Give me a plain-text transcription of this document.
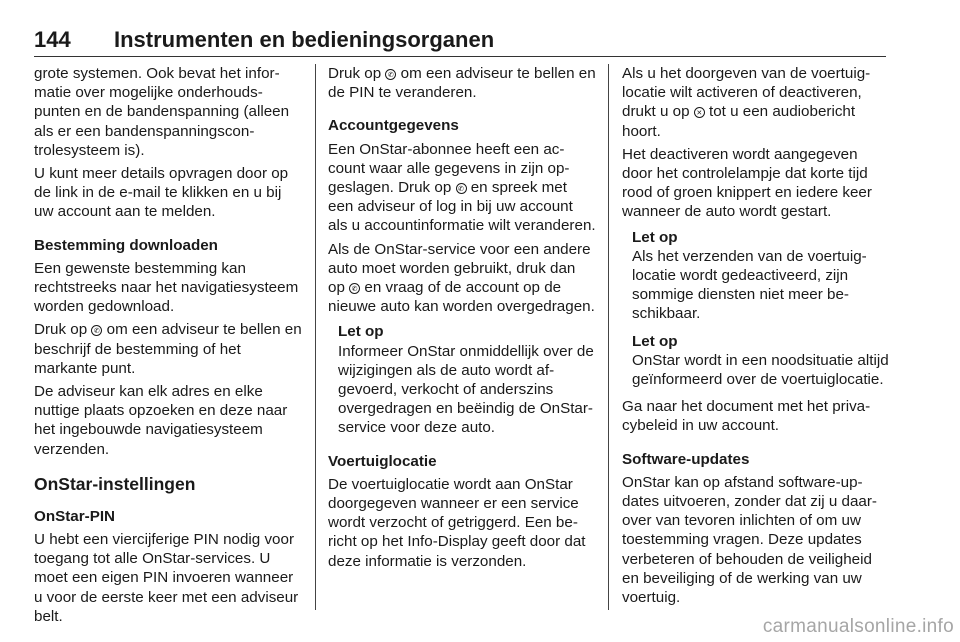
144 Instrumenten en bedieningsorganen

grote systemen. Ook bevat het informatie over mogelijke onderhoudspunten en de bandenspanning (alleen als er een bandenspanningscontrolesysteem is).

U kunt meer details opvragen door op de link in de e-mail te klikken en u bij uw account aan te melden.

Bestemming downloaden

Een gewenste bestemming kan rechtstreeks naar het navigatiesysteem worden gedownload.

Druk op ✆ om een adviseur te bellen en beschrijf de bestemming of het markante punt.

De adviseur kan elk adres en elke nuttige plaats opzoeken en deze naar het ingebouwde navigatiesysteem verzenden.

OnStar-instellingen

OnStar-PIN

U hebt een viercijferige PIN nodig voor toegang tot alle OnStar-services. U moet een eigen PIN invoeren wanneer u voor de eerste keer met een adviseur belt.

Druk op ✆ om een adviseur te bellen en de PIN te veranderen.

Accountgegevens

Een OnStar-abonnee heeft een account waar alle gegevens in zijn opgeslagen. Druk op ✆ en spreek met een adviseur of log in bij uw account als u accountinformatie wilt veranderen.

Als de OnStar-service voor een andere auto moet worden gebruikt, druk dan op ✆ en vraag of de account op de nieuwe auto kan worden overgedragen.

Let op
Informeer OnStar onmiddellijk over de wijzigingen als de auto wordt afgevoerd, verkocht of anderszins overgedragen en beëindig de OnStar-service voor deze auto.

Voertuiglocatie

De voertuiglocatie wordt aan OnStar doorgegeven wanneer er een service wordt verzocht of getriggerd. Een bericht op het Info-Display geeft door dat deze informatie is verzonden.

Als u het doorgeven van de voertuiglocatie wilt activeren of deactiveren, drukt u op ✕ tot u een audiobericht hoort.

Het deactiveren wordt aangegeven door het controlelampje dat korte tijd rood of groen knippert en iedere keer wanneer de auto wordt gestart.

Let op
Als het verzenden van de voertuiglocatie wordt gedeactiveerd, zijn sommige diensten niet meer beschikbaar.
Let op
OnStar wordt in een noodsituatie altijd geïnformeerd over de voertuiglocatie.

Ga naar het document met het privacybeleid in uw account.

Software-updates

OnStar kan op afstand software-updates uitvoeren, zonder dat zij u daarover van tevoren inlichten of om uw toestemming vragen. Deze updates verbeteren of behouden de veiligheid en beveiliging of de werking van uw voertuig.

carmanualsonline.info
